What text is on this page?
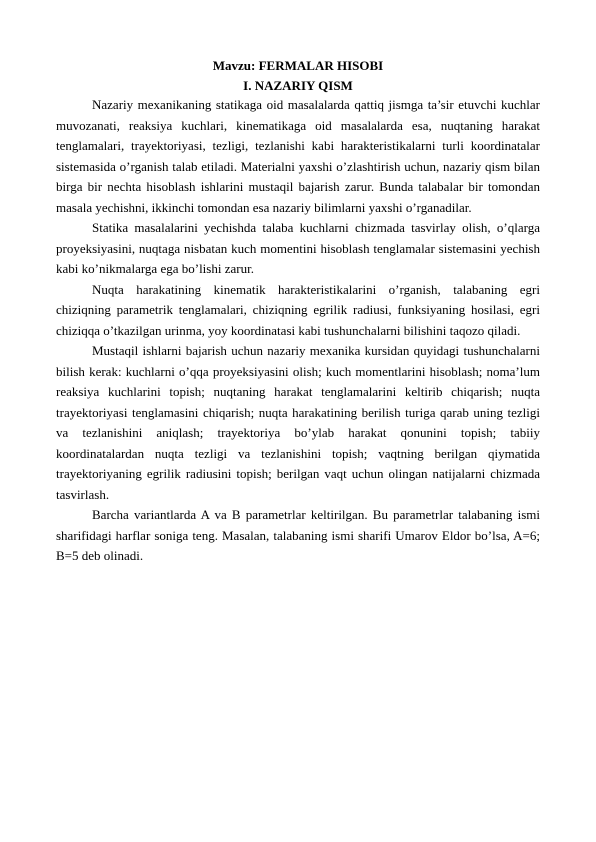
Mavzu: FERMALAR HISOBI
I. NAZARIY QISM

Nazariy mexanikaning statikaga oid masalalarda qattiq jismga ta’sir etuvchi kuchlar muvozanati, reaksiya kuchlari, kinematikaga oid masalalarda esa, nuqtaning harakat tenglamalari, trayektoriyasi, tezligi, tezlanishi kabi harakteristikalarni turli koordinatalar sistemasida o’rganish talab etiladi. Materialni yaxshi o’zlashtirish uchun, nazariy qism bilan birga bir nechta hisoblash ishlarini mustaqil bajarish zarur. Bunda talabalar bir tomondan masala yechishni, ikkinchi tomondan esa nazariy bilimlarni yaxshi o’rganadilar.

Statika masalalarini yechishda talaba kuchlarni chizmada tasvirlay olish, o’qlarga proyeksiyasini, nuqtaga nisbatan kuch momentini hisoblash tenglamalar sistemasini yechish kabi ko’nikmalarga ega bo’lishi zarur.

Nuqta harakatining kinematik harakteristikalarini o’rganish, talabaning egri chiziqning parametrik tenglamalari, chiziqning egrilik radiusi, funksiyaning hosilasi, egri chiziqqa o’tkazilgan urinma, yoy koordinatasi kabi tushunchalarni bilishini taqozo qiladi.

Mustaqil ishlarni bajarish uchun nazariy mexanika kursidan quyidagi tushunchalarni bilish kerak: kuchlarni o’qqa proyeksiyasini olish; kuch momentlarini hisoblash; noma’lum reaksiya kuchlarini topish; nuqtaning harakat tenglamalarini keltirib chiqarish; nuqta trayektoriyasi tenglamasini chiqarish; nuqta harakatining berilish turiga qarab uning tezligi va tezlanishini aniqlash; trayektoriya bo’ylab harakat qonunini topish; tabiiy koordinatalardan nuqta tezligi va tezlanishini topish; vaqtning berilgan qiymatida trayektoriyaning egrilik radiusini topish; berilgan vaqt uchun olingan natijalarni chizmada tasvirlash.

Barcha variantlarda A va B parametrlar keltirilgan. Bu parametrlar talabaning ismi sharifidagi harflar soniga teng. Masalan, talabaning ismi sharifi Umarov Eldor bo’lsa, A=6; B=5 deb olinadi.
